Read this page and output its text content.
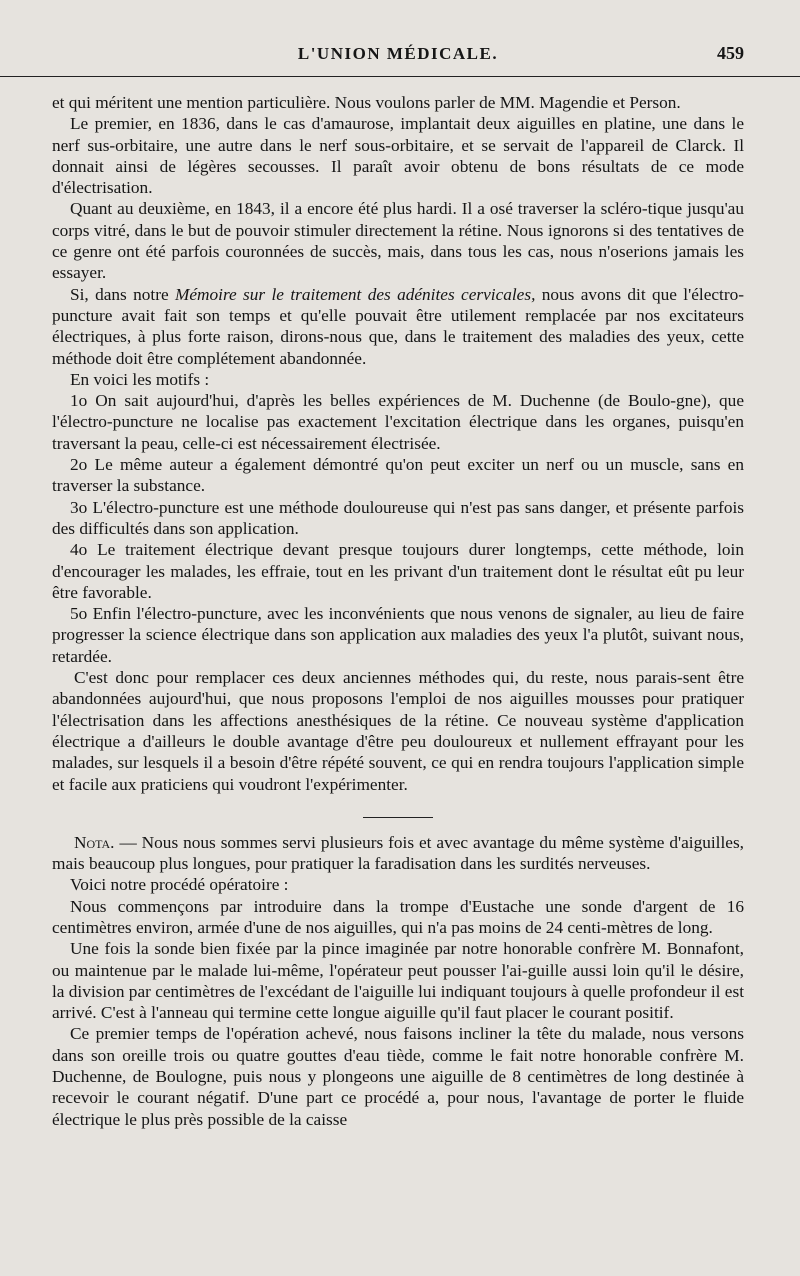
L'UNION MÉDICALE.	459

et qui méritent une mention particulière. Nous voulons parler de MM. Magendie et Person.

Le premier, en 1836, dans le cas d'amaurose, implantait deux aiguilles en platine, une dans le nerf sus-orbitaire, une autre dans le nerf sous-orbitaire, et se servait de l'appareil de Clarck. Il donnait ainsi de légères secousses. Il paraît avoir obtenu de bons résultats de ce mode d'électrisation.

Quant au deuxième, en 1843, il a encore été plus hardi. Il a osé traverser la scléro-tique jusqu'au corps vitré, dans le but de pouvoir stimuler directement la rétine. Nous ignorons si des tentatives de ce genre ont été parfois couronnées de succès, mais, dans tous les cas, nous n'oserions jamais les essayer.

Si, dans notre Mémoire sur le traitement des adénites cervicales, nous avons dit que l'électro-puncture avait fait son temps et qu'elle pouvait être utilement remplacée par nos excitateurs électriques, à plus forte raison, dirons-nous que, dans le traitement des maladies des yeux, cette méthode doit être complétement abandonnée.

En voici les motifs :

1o On sait aujourd'hui, d'après les belles expériences de M. Duchenne (de Boulo-gne), que l'électro-puncture ne localise pas exactement l'excitation électrique dans les organes, puisqu'en traversant la peau, celle-ci est nécessairement électrisée.

2o Le même auteur a également démontré qu'on peut exciter un nerf ou un muscle, sans en traverser la substance.

3o L'électro-puncture est une méthode douloureuse qui n'est pas sans danger, et présente parfois des difficultés dans son application.

4o Le traitement électrique devant presque toujours durer longtemps, cette méthode, loin d'encourager les malades, les effraie, tout en les privant d'un traitement dont le résultat eût pu leur être favorable.

5o Enfin l'électro-puncture, avec les inconvénients que nous venons de signaler, au lieu de faire progresser la science électrique dans son application aux maladies des yeux l'a plutôt, suivant nous, retardée.

C'est donc pour remplacer ces deux anciennes méthodes qui, du reste, nous parais-sent être abandonnées aujourd'hui, que nous proposons l'emploi de nos aiguilles mousses pour pratiquer l'électrisation dans les affections anesthésiques de la rétine. Ce nouveau système d'application électrique a d'ailleurs le double avantage d'être peu douloureux et nullement effrayant pour les malades, sur lesquels il a besoin d'être répété souvent, ce qui en rendra toujours l'application simple et facile aux praticiens qui voudront l'expérimenter.

Nota. — Nous nous sommes servi plusieurs fois et avec avantage du même système d'aiguilles, mais beaucoup plus longues, pour pratiquer la faradisation dans les surdités nerveuses.

Voici notre procédé opératoire :

Nous commençons par introduire dans la trompe d'Eustache une sonde d'argent de 16 centimètres environ, armée d'une de nos aiguilles, qui n'a pas moins de 24 centi-mètres de long.

Une fois la sonde bien fixée par la pince imaginée par notre honorable confrère M. Bonnafont, ou maintenue par le malade lui-même, l'opérateur peut pousser l'ai-guille aussi loin qu'il le désire, la division par centimètres de l'excédant de l'aiguille lui indiquant toujours à quelle profondeur il est arrivé. C'est à l'anneau qui termine cette longue aiguille qu'il faut placer le courant positif.

Ce premier temps de l'opération achevé, nous faisons incliner la tête du malade, nous versons dans son oreille trois ou quatre gouttes d'eau tiède, comme le fait notre honorable confrère M. Duchenne, de Boulogne, puis nous y plongeons une aiguille de 8 centimètres de long destinée à recevoir le courant négatif. D'une part ce procédé a, pour nous, l'avantage de porter le fluide électrique le plus près possible de la caisse
